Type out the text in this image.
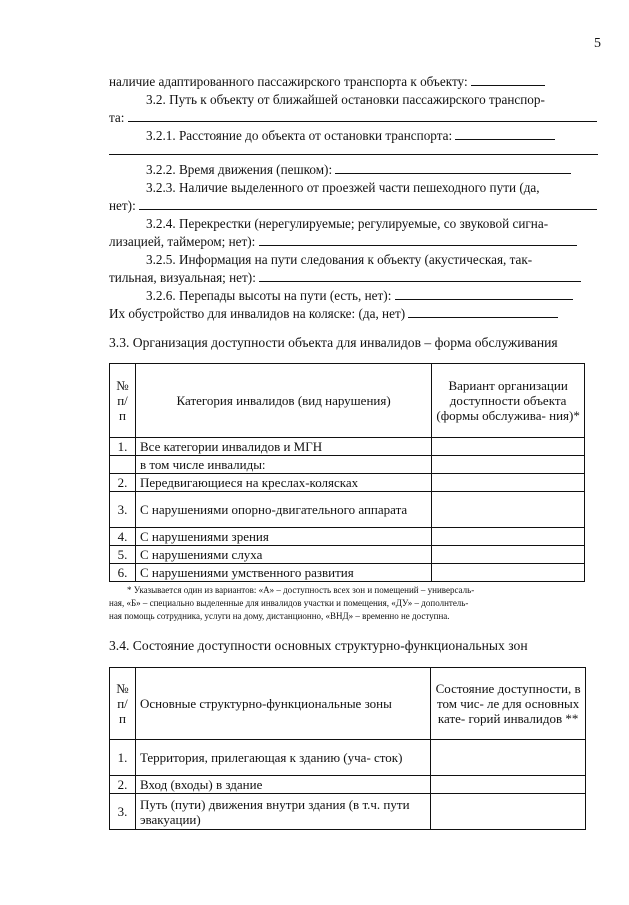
5
наличие адаптированного пассажирского транспорта к объекту:
3.2. Путь к объекту от ближайшей остановки пассажирского транспор-
та:
3.2.1. Расстояние до объекта от остановки транспорта:
3.2.2. Время движения (пешком):
3.2.3. Наличие выделенного от проезжей части пешеходного пути (да,
нет):
3.2.4. Перекрестки (нерегулируемые; регулируемые, со звуковой сигна-
лизацией, таймером; нет):
3.2.5. Информация на пути следования к объекту (акустическая, так-
тильная, визуальная; нет):
3.2.6. Перепады высоты на пути (есть, нет):
Их обустройство для инвалидов на коляске: (да, нет)
3.3. Организация доступности объекта для инвалидов – форма обслуживания
№ п/п	Категория инвалидов (вид нарушения)	Вариант организации доступности объекта (формы обслужива- ния)*
1.	Все категории инвалидов и МГН	
	в том числе инвалиды:	
2.	Передвигающиеся на креслах-колясках	
3.	С нарушениями опорно-двигательного аппарата	
4.	С нарушениями зрения	
5.	С нарушениями слуха	
6.	С нарушениями умственного развития	
* Указывается один из вариантов: «А» – доступность всех зон и помещений – универсаль-
ная, «Б» – специально выделенные для инвалидов участки и помещения, «ДУ» – дополнтель-
ная помощь сотрудника, услуги на дому, дистанционно, «ВНД» – временно не доступна.
3.4. Состояние доступности основных структурно-функциональных зон
№ п/п	Основные структурно-функциональные зоны	Состояние доступности, в том чис- ле для основных кате- горий инвалидов **
1.	Территория, прилегающая к зданию (уча- сток)	
2.	Вход (входы) в здание	
3.	Путь (пути) движения внутри здания (в т.ч. пути эвакуации)	
